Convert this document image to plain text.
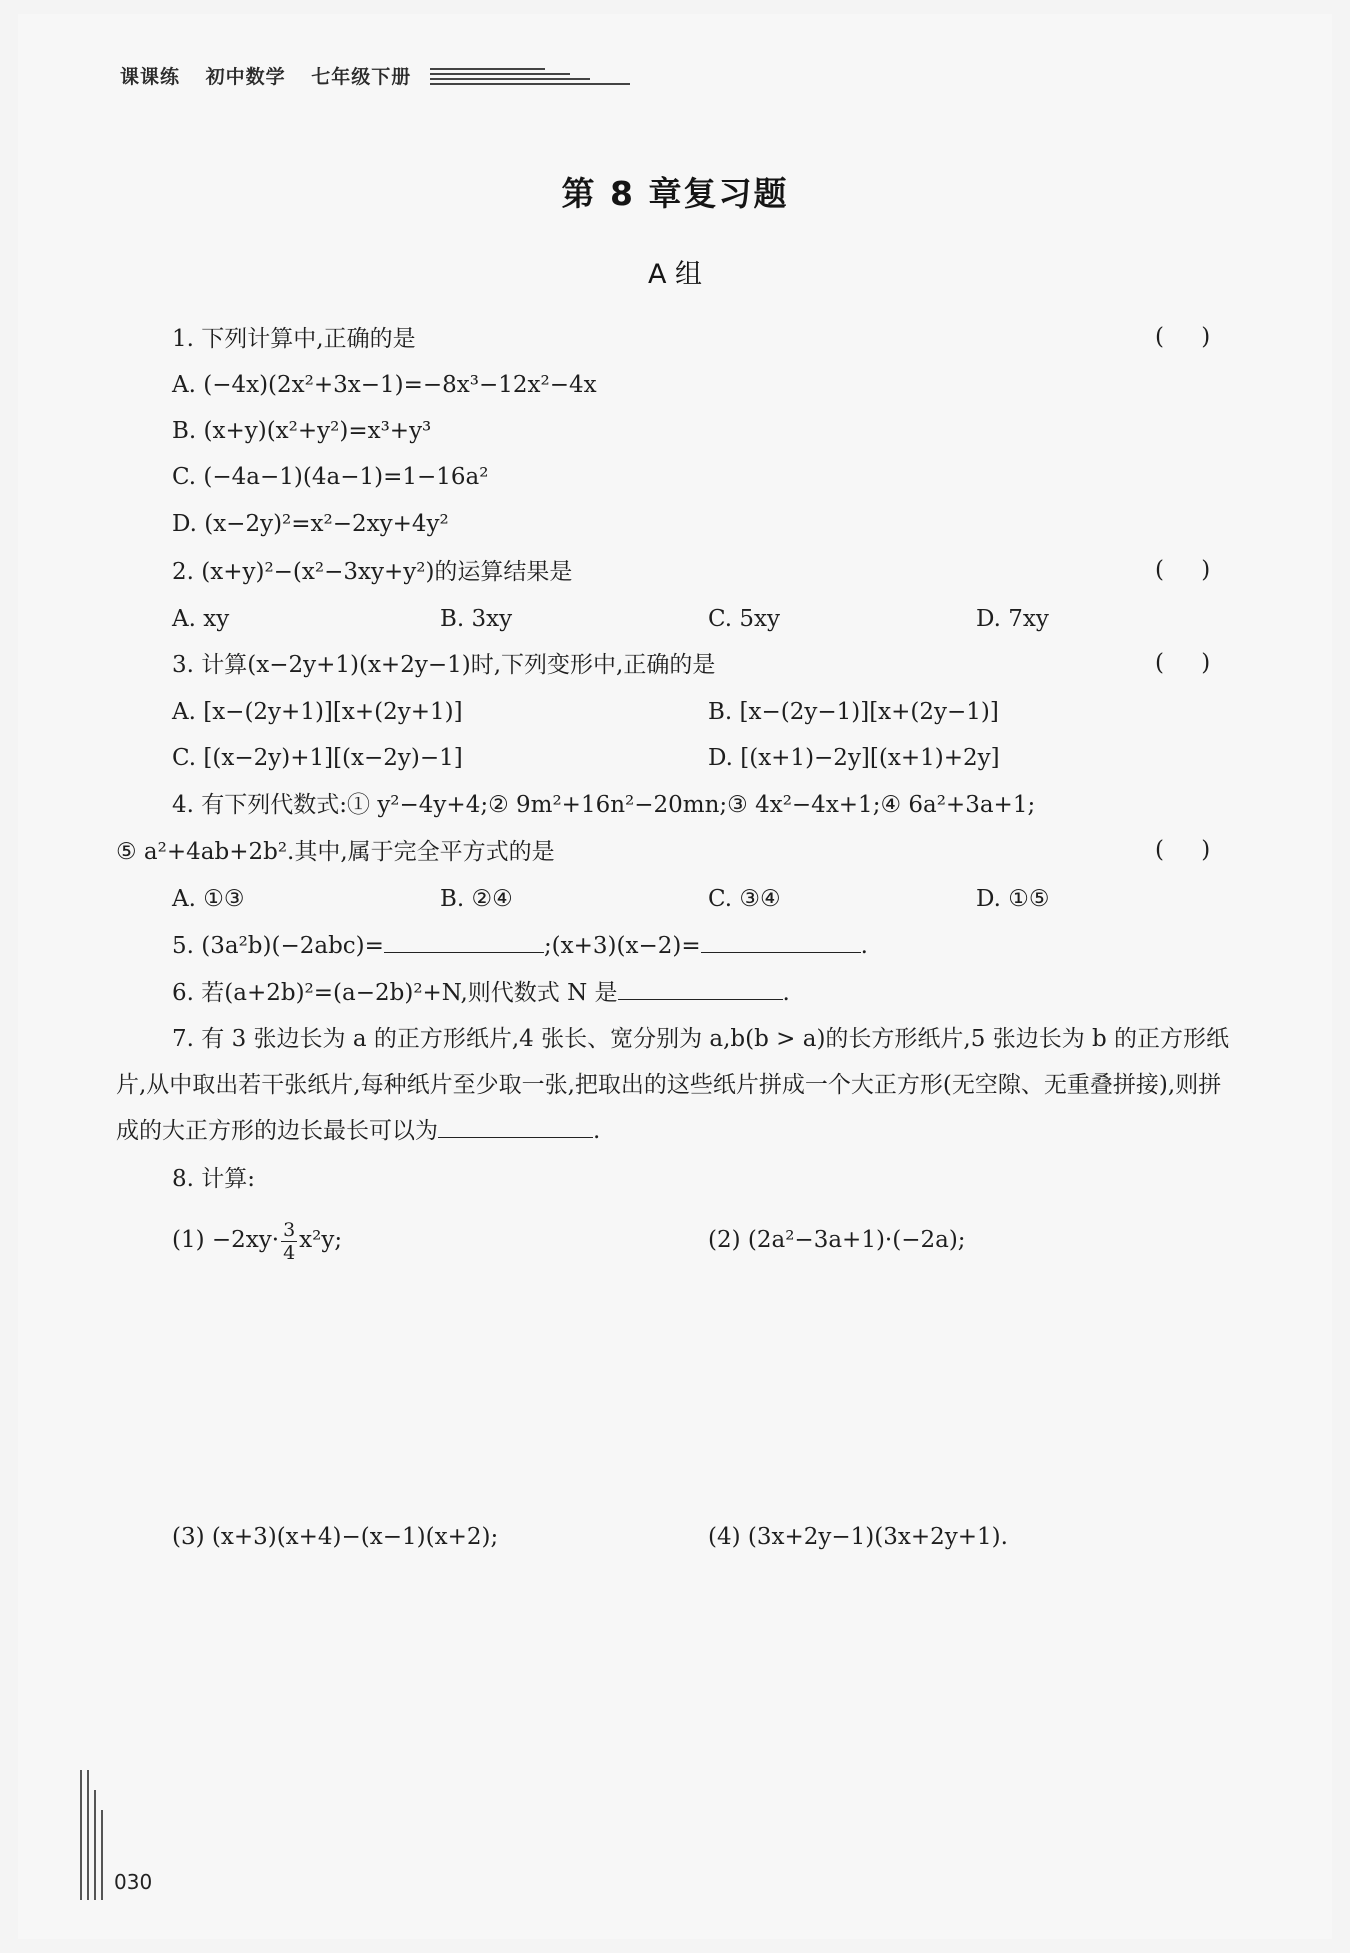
课课练 初中数学 七年级下册
第 8 章复习题
A 组
1. 下列计算中,正确的是	( )
A. (−4x)(2x²+3x−1)=−8x³−12x²−4x
B. (x+y)(x²+y²)=x³+y³
C. (−4a−1)(4a−1)=1−16a²
D. (x−2y)²=x²−2xy+4y²
2. (x+y)²−(x²−3xy+y²)的运算结果是	( )
A. xy	B. 3xy	C. 5xy	D. 7xy
3. 计算(x−2y+1)(x+2y−1)时,下列变形中,正确的是	( )
A. [x−(2y+1)][x+(2y+1)]	B. [x−(2y−1)][x+(2y−1)]
C. [(x−2y)+1][(x−2y)−1]	D. [(x+1)−2y][(x+1)+2y]
4. 有下列代数式:① y²−4y+4;② 9m²+16n²−20mn;③ 4x²−4x+1;④ 6a²+3a+1;
⑤ a²+4ab+2b².其中,属于完全平方式的是	( )
A. ①③	B. ②④	C. ③④	D. ①⑤
5. (3a²b)(−2abc)=	;(x+3)(x−2)=	.
6. 若(a+2b)²=(a−2b)²+N,则代数式 N 是	.
7. 有 3 张边长为 a 的正方形纸片,4 张长、宽分别为 a,b(b > a)的长方形纸片,5 张边长为 b 的正方形纸片,从中取出若干张纸片,每种纸片至少取一张,把取出的这些纸片拼成一个大正方形(无空隙、无重叠拼接),则拼成的大正方形的边长最长可以为	.
8. 计算:
$(1) -2xy\cdot \frac{3}{4} x^2y$;	(2) (2a²−3a+1)·(−2a);
(3) (x+3)(x+4)−(x−1)(x+2);	(4) (3x+2y−1)(3x+2y+1).
030
